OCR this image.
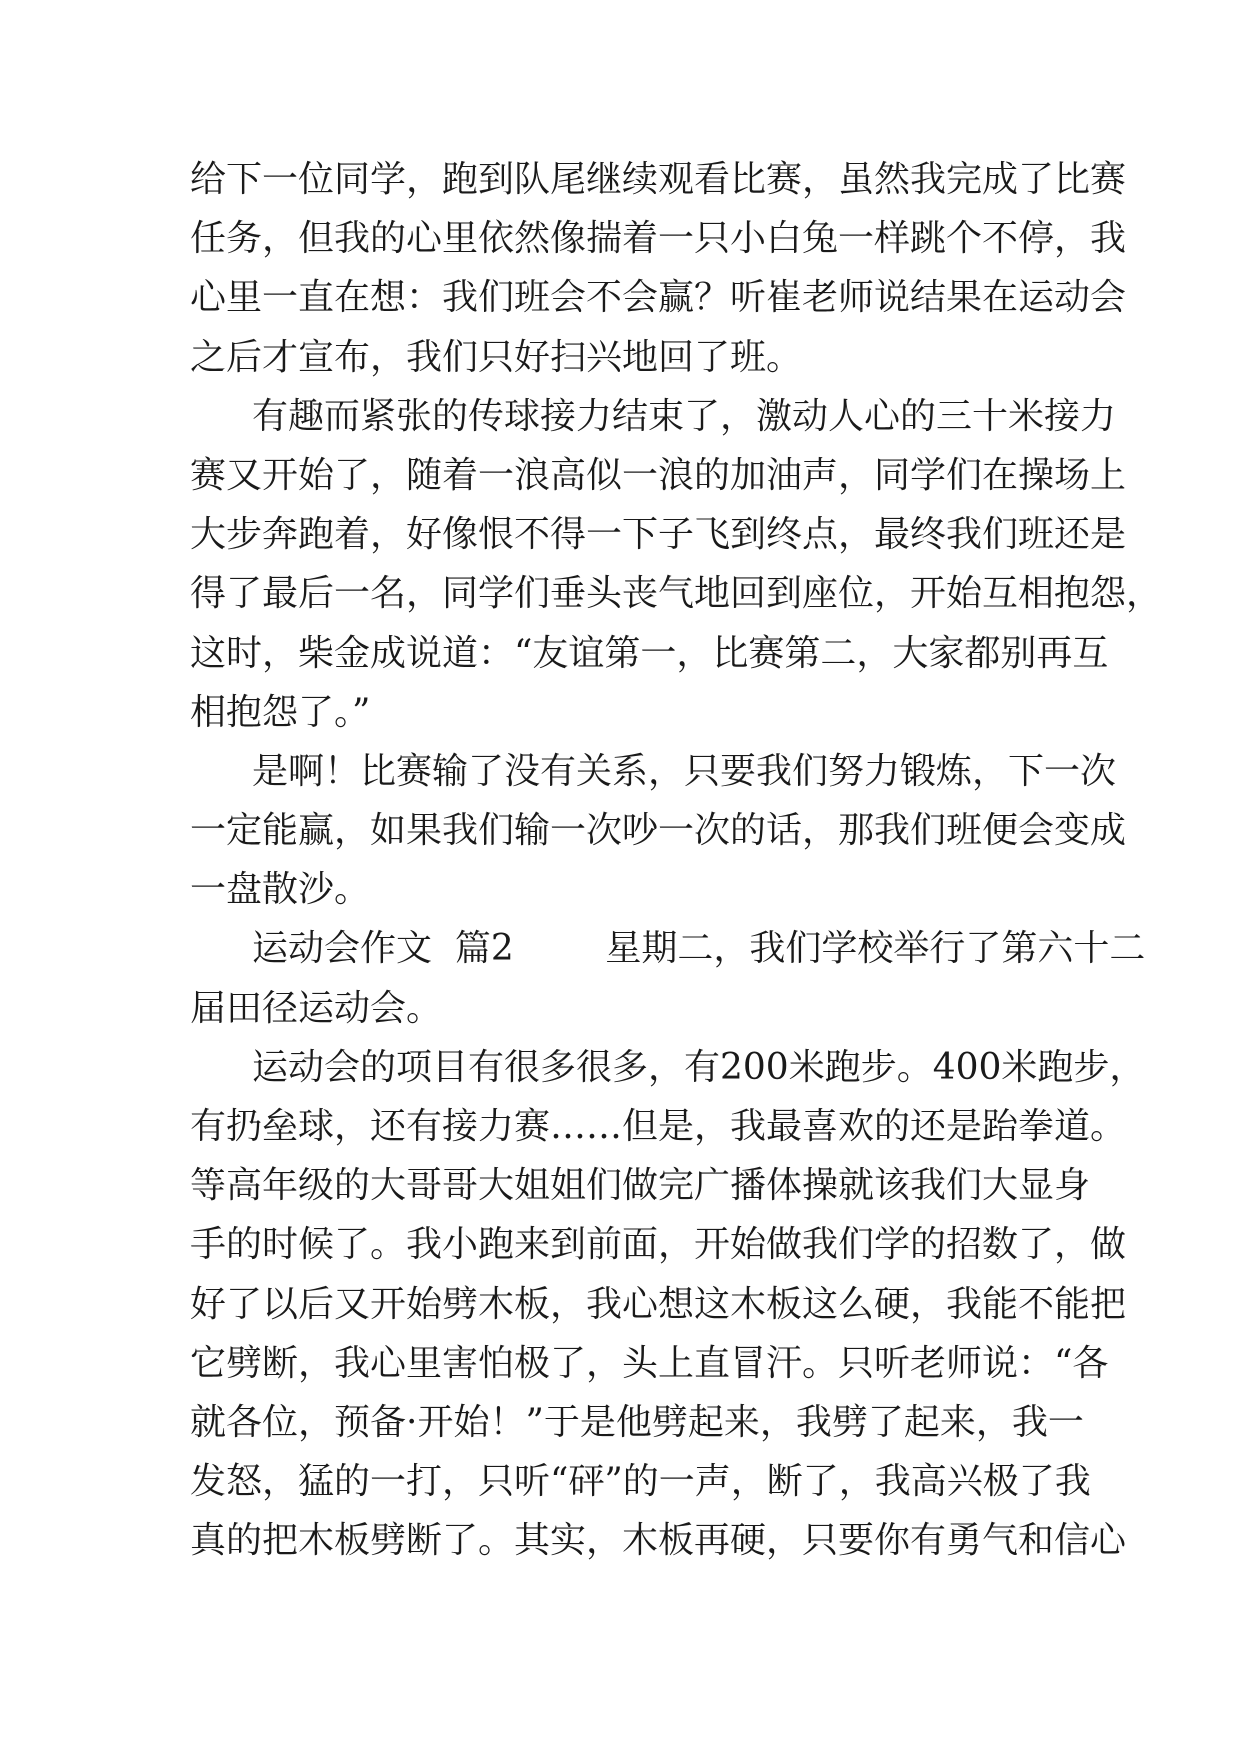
给下一位同学，跑到队尾继续观看比赛，虽然我完成了比赛
任务，但我的心里依然像揣着一只小白兔一样跳个不停，我
心里一直在想：我们班会不会赢？听崔老师说结果在运动会
之后才宣布，我们只好扫兴地回了班。
有趣而紧张的传球接力结束了，激动人心的三十米接力
赛又开始了，随着一浪高似一浪的加油声，同学们在操场上
大步奔跑着，好像恨不得一下子飞到终点，最终我们班还是
得了最后一名，同学们垂头丧气地回到座位，开始互相抱怨，
这时，柴金成说道：“友谊第一，比赛第二，大家都别再互
相抱怨了。”
是啊！比赛输了没有关系，只要我们努力锻炼，下一次
一定能赢，如果我们输一次吵一次的话，那我们班便会变成
一盘散沙。
运动会作文  篇2        星期二，我们学校举行了第六十二
届田径运动会。
运动会的项目有很多很多，有200米跑步。400米跑步，
有扔垒球，还有接力赛……但是，我最喜欢的还是跆拳道。
等高年级的大哥哥大姐姐们做完广播体操就该我们大显身
手的时候了。我小跑来到前面，开始做我们学的招数了，做
好了以后又开始劈木板，我心想这木板这么硬，我能不能把
它劈断，我心里害怕极了，头上直冒汗。只听老师说：“各
就各位，预备·开始！”于是他劈起来，我劈了起来，我一
发怒，猛的一打，只听“砰”的一声，断了，我高兴极了我
真的把木板劈断了。其实，木板再硬，只要你有勇气和信心
